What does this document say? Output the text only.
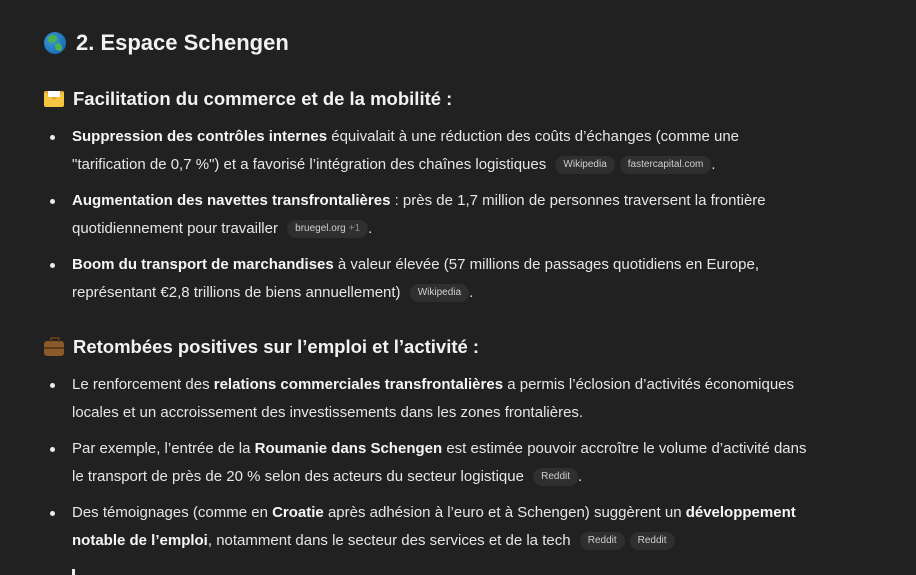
2. Espace Schengen
Facilitation du commerce et de la mobilité :
Suppression des contrôles internes équivalait à une réduction des coûts d’échanges (comme une "tarification de 0,7 %") et a favorisé l’intégration des chaînes logistiques Wikipedia fastercapital.com .
Augmentation des navettes transfrontalières : près de 1,7 million de personnes traversent la frontière quotidiennement pour travailler bruegel.org +1 .
Boom du transport de marchandises à valeur élevée (57 millions de passages quotidiens en Europe, représentant €2,8 trillions de biens annuellement) Wikipedia .
Retombées positives sur l’emploi et l’activité :
Le renforcement des relations commerciales transfrontalières a permis l’éclosion d’activités économiques locales et un accroissement des investissements dans les zones frontalières.
Par exemple, l’entrée de la Roumanie dans Schengen est estimée pouvoir accroître le volume d’activité dans le transport de près de 20 % selon des acteurs du secteur logistique Reddit .
Des témoignages (comme en Croatie après adhésion à l’euro et à Schengen) suggèrent un développement notable de l’emploi, notamment dans le secteur des services et de la tech Reddit Reddit
